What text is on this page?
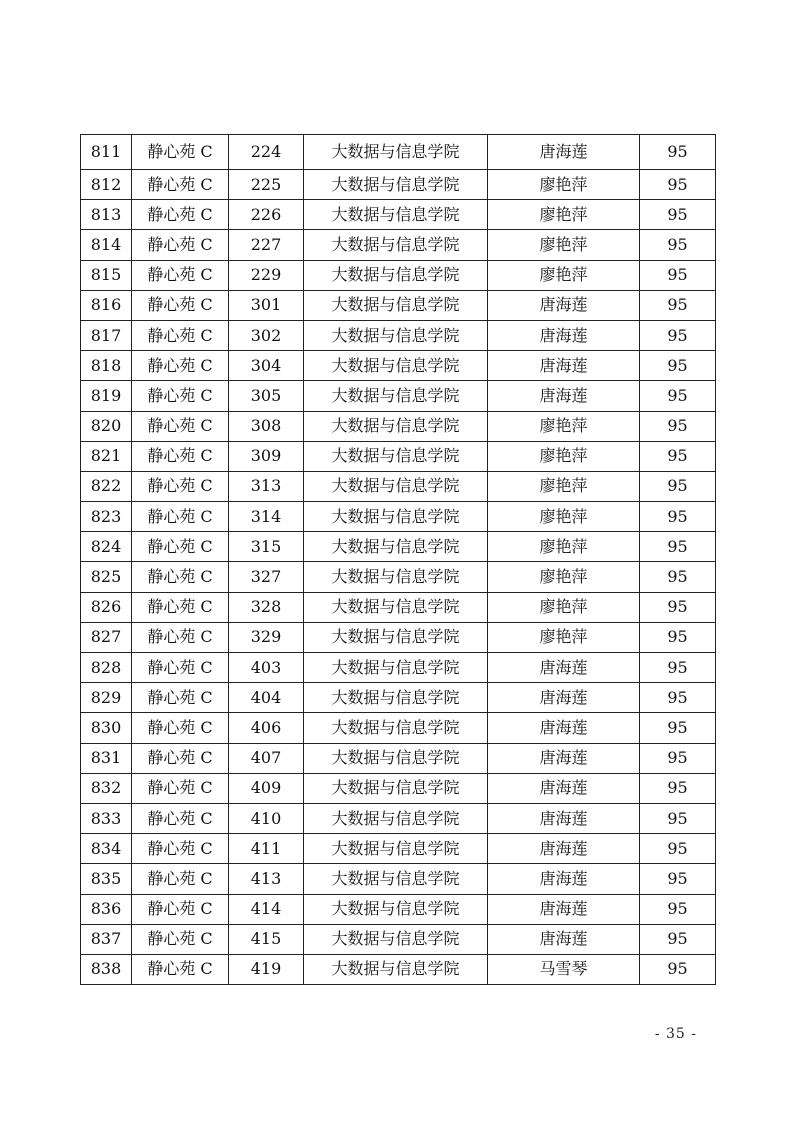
811	静心苑 C	224	大数据与信息学院	唐海莲	95
812	静心苑 C	225	大数据与信息学院	廖艳萍	95
813	静心苑 C	226	大数据与信息学院	廖艳萍	95
814	静心苑 C	227	大数据与信息学院	廖艳萍	95
815	静心苑 C	229	大数据与信息学院	廖艳萍	95
816	静心苑 C	301	大数据与信息学院	唐海莲	95
817	静心苑 C	302	大数据与信息学院	唐海莲	95
818	静心苑 C	304	大数据与信息学院	唐海莲	95
819	静心苑 C	305	大数据与信息学院	唐海莲	95
820	静心苑 C	308	大数据与信息学院	廖艳萍	95
821	静心苑 C	309	大数据与信息学院	廖艳萍	95
822	静心苑 C	313	大数据与信息学院	廖艳萍	95
823	静心苑 C	314	大数据与信息学院	廖艳萍	95
824	静心苑 C	315	大数据与信息学院	廖艳萍	95
825	静心苑 C	327	大数据与信息学院	廖艳萍	95
826	静心苑 C	328	大数据与信息学院	廖艳萍	95
827	静心苑 C	329	大数据与信息学院	廖艳萍	95
828	静心苑 C	403	大数据与信息学院	唐海莲	95
829	静心苑 C	404	大数据与信息学院	唐海莲	95
830	静心苑 C	406	大数据与信息学院	唐海莲	95
831	静心苑 C	407	大数据与信息学院	唐海莲	95
832	静心苑 C	409	大数据与信息学院	唐海莲	95
833	静心苑 C	410	大数据与信息学院	唐海莲	95
834	静心苑 C	411	大数据与信息学院	唐海莲	95
835	静心苑 C	413	大数据与信息学院	唐海莲	95
836	静心苑 C	414	大数据与信息学院	唐海莲	95
837	静心苑 C	415	大数据与信息学院	唐海莲	95
838	静心苑 C	419	大数据与信息学院	马雪琴	95
- 35 -
